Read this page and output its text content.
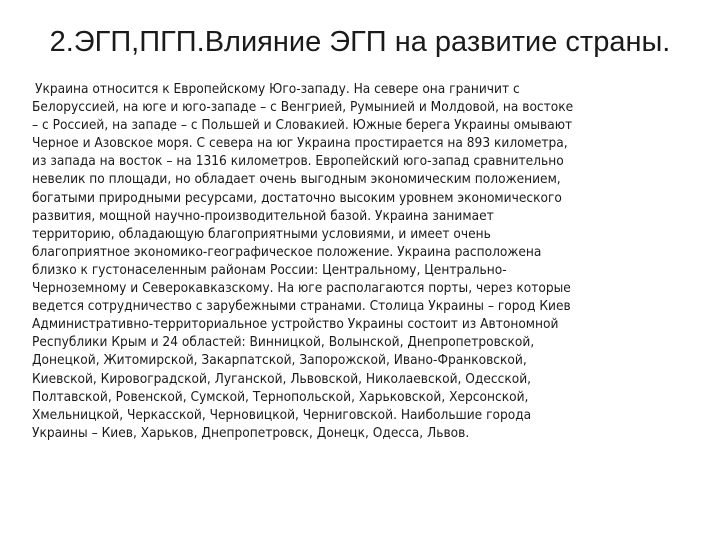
2.ЭГП,ПГП.Влияние ЭГП на развитие страны.
Украина относится к Европейскому Юго-западу. На севере она граничит с
Белоруссией, на юге и юго-западе – с Венгрией, Румынией и Молдовой, на востоке
– с Россией, на западе – с Польшей и Словакией. Южные берега Украины омывают
Черное и Азовское моря. С севера на юг Украина простирается на 893 километра,
из запада на восток – на 1316 километров. Европейский юго-запад сравнительно
невелик по площади, но обладает очень выгодным экономическим положением,
богатыми природными ресурсами, достаточно высоким уровнем экономического
развития, мощной научно-производительной базой. Украина занимает
территорию, обладающую благоприятными условиями, и имеет очень
благоприятное экономико-географическое положение. Украина расположена
близко к густонаселенным районам России: Центральному, Центрально-
Черноземному и Северокавказскому. На юге располагаются порты, через которые
ведется сотрудничество с зарубежными странами. Столица Украины – город Киев
Административно-территориальное устройство Украины состоит из Автономной
Республики Крым и 24 областей: Винницкой, Волынской, Днепропетровской,
Донецкой, Житомирской, Закарпатской, Запорожской, Ивано-Франковской,
Киевской, Кировоградской, Луганской, Львовской, Николаевской, Одесской,
Полтавской, Ровенской, Сумской, Тернопольской, Харьковской, Херсонской,
Хмельницкой, Черкасской, Черновицкой, Черниговской. Наибольшие города
Украины – Киев, Харьков, Днепропетровск, Донецк, Одесса, Львов.
